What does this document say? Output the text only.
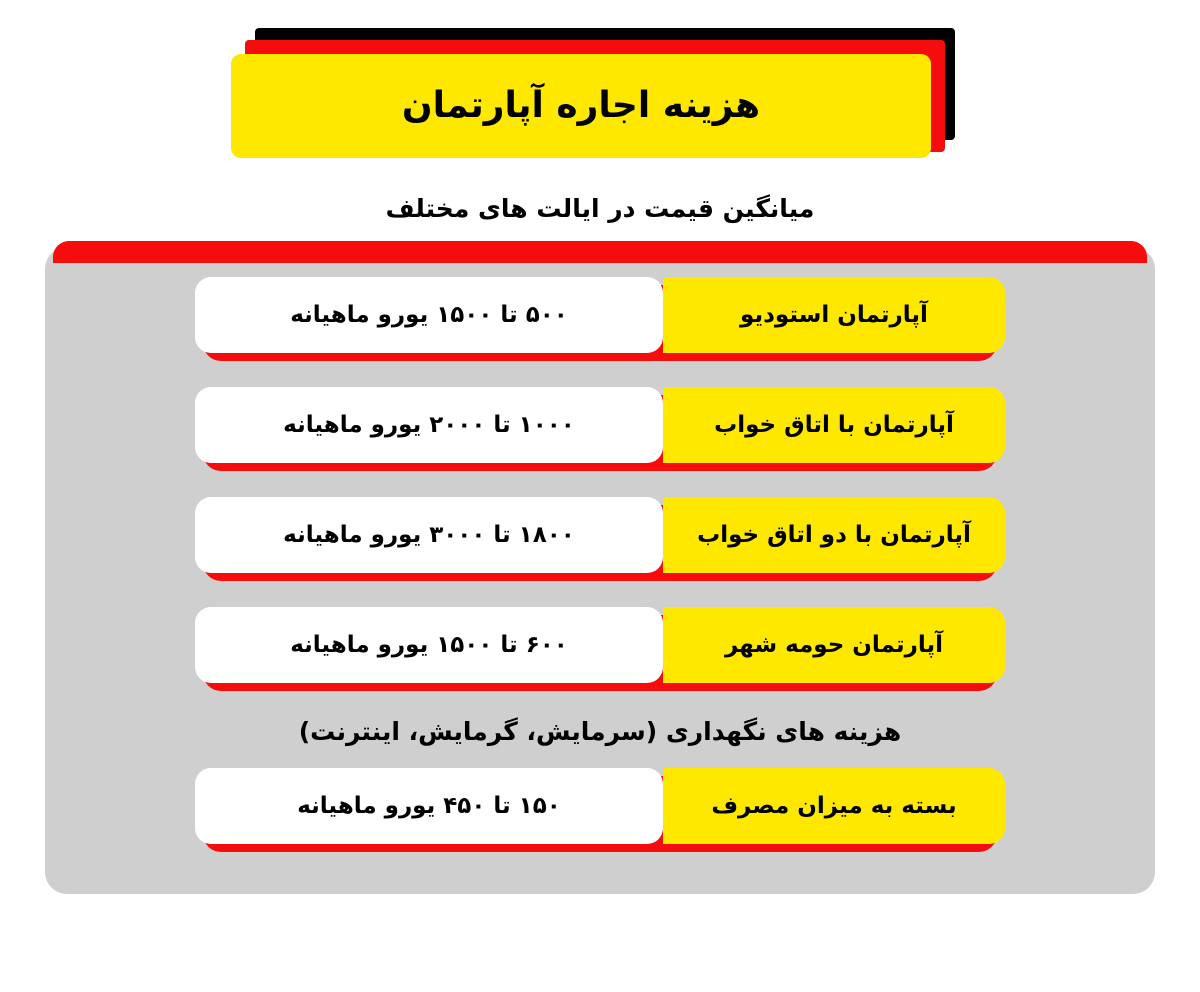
هزینه اجاره آپارتمان
میانگین قیمت در ایالت های مختلف
آپارتمان استودیو
۵۰۰ تا ۱۵۰۰ یورو ماهیانه
آپارتمان با اتاق خواب
۱۰۰۰ تا ۲۰۰۰ یورو ماهیانه
آپارتمان با دو اتاق خواب
۱۸۰۰ تا ۳۰۰۰ یورو ماهیانه
آپارتمان حومه شهر
۶۰۰ تا ۱۵۰۰ یورو ماهیانه
هزینه های نگهداری (سرمایش، گرمایش، اینترنت)
بسته به میزان مصرف
۱۵۰ تا ۴۵۰ یورو ماهیانه
